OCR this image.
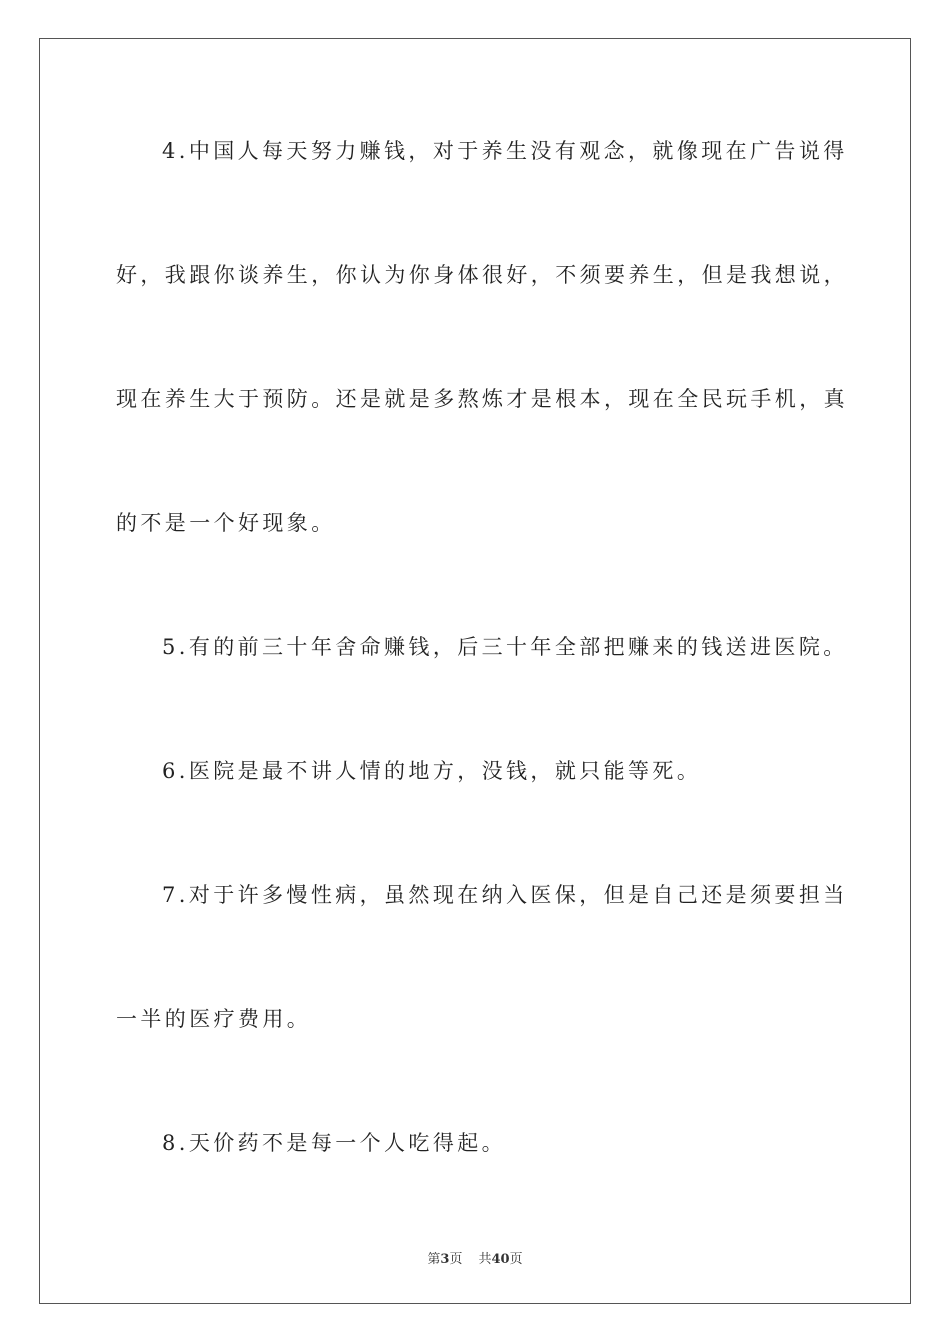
4.中国人每天努力赚钱，对于养生没有观念，就像现在广告说得
好，我跟你谈养生，你认为你身体很好，不须要养生，但是我想说，
现在养生大于预防。还是就是多熬炼才是根本，现在全民玩手机，真
的不是一个好现象。
5.有的前三十年舍命赚钱，后三十年全部把赚来的钱送进医院。
6.医院是最不讲人情的地方，没钱，就只能等死。
7.对于许多慢性病，虽然现在纳入医保，但是自己还是须要担当
一半的医疗费用。
8.天价药不是每一个人吃得起。
第3页 共40页
